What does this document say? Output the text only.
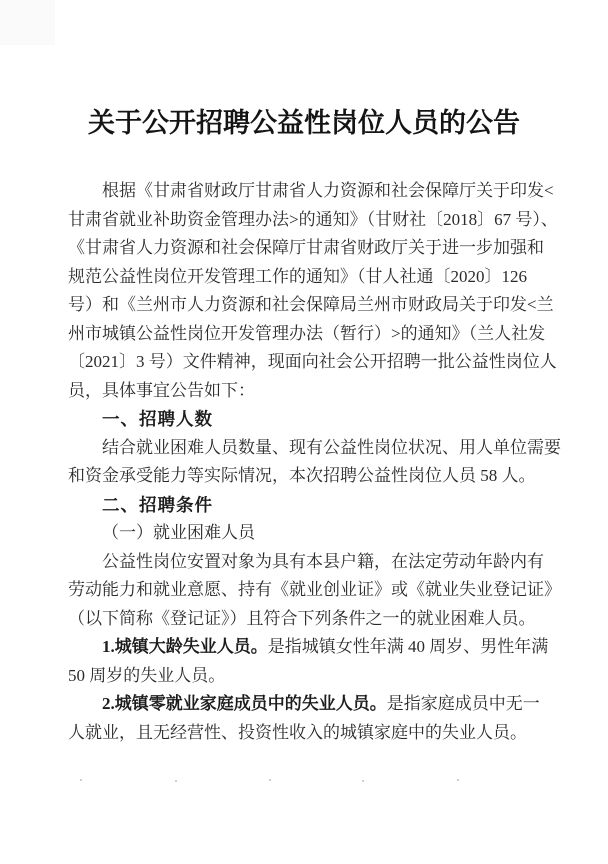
关于公开招聘公益性岗位人员的公告
根据《甘肃省财政厅甘肃省人力资源和社会保障厅关于印发<
甘肃省就业补助资金管理办法>的通知》（甘财社〔2018〕67 号）、
《甘肃省人力资源和社会保障厅甘肃省财政厅关于进一步加强和
规范公益性岗位开发管理工作的通知》（甘人社通〔2020〕126
号）和《兰州市人力资源和社会保障局兰州市财政局关于印发<兰
州市城镇公益性岗位开发管理办法（暂行）>的通知》（兰人社发
〔2021〕3 号）文件精神，现面向社会公开招聘一批公益性岗位人
员，具体事宜公告如下：
一、招聘人数
结合就业困难人员数量、现有公益性岗位状况、用人单位需要
和资金承受能力等实际情况，本次招聘公益性岗位人员 58 人。
二、招聘条件
（一）就业困难人员
公益性岗位安置对象为具有本县户籍，在法定劳动年龄内有
劳动能力和就业意愿、持有《就业创业证》或《就业失业登记证》
（以下简称《登记证》）且符合下列条件之一的就业困难人员。
1.城镇大龄失业人员。是指城镇女性年满 40 周岁、男性年满
50 周岁的失业人员。
2.城镇零就业家庭成员中的失业人员。是指家庭成员中无一
人就业，且无经营性、投资性收入的城镇家庭中的失业人员。
